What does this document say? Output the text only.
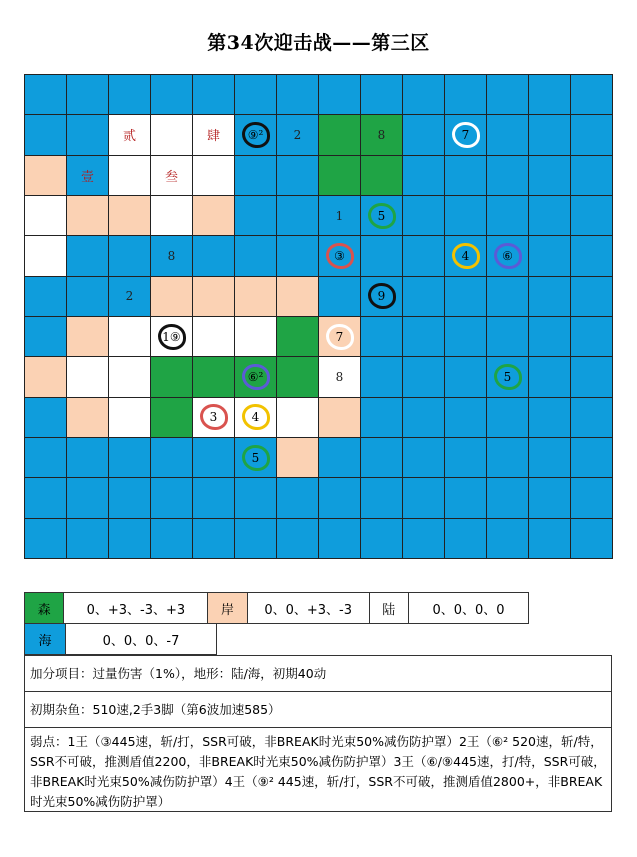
第34次迎击战——第三区
贰	肆 ⑨²	2	8	7
壹	叁
1	5
8	③	4	⑥
2	9
1⑨	7
⑥²	8	5
3	4
5
森	0、+3、-3、+3	岸	0、0、+3、-3	陆	0、0、0、0
海	0、0、0、-7
加分项目：过量伤害（1%），地形：陆/海，初期40动
初期杂鱼：510速,2手3脚（第6波加速585）
弱点：1王（③445速，斩/打，SSR可破，非BREAK时光束50%减伤防护罩）2王（⑥² 520速，斩/特，SSR不可破，推测盾值2200，非BREAK时光束50%减伤防护罩）3王（⑥/⑨445速，打/特，SSR可破，非BREAK时光束50%减伤防护罩）4王（⑨² 445速，斩/打，SSR不可破，推测盾值2800+，非BREAK时光束50%减伤防护罩）
